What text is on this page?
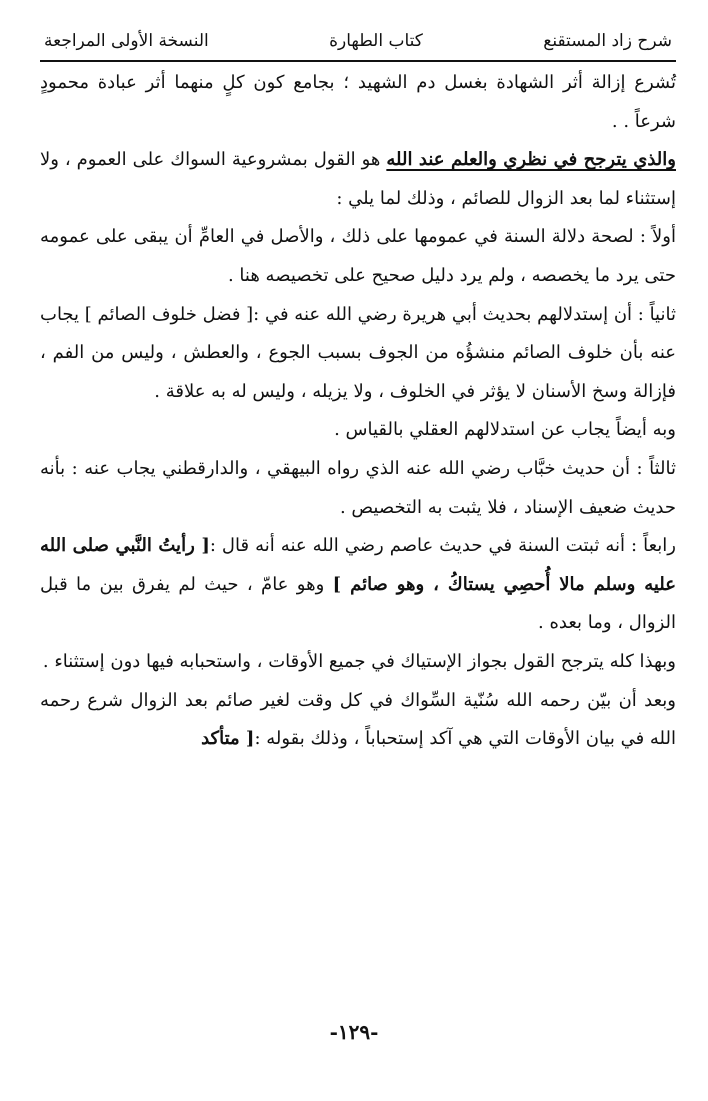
شرح زاد المستقنع
كتاب الطهارة
النسخة الأولى المراجعة

تُشرع إزالة أثر الشهادة بغسل دم الشهيد ؛ بجامع كون كلٍ منهما أثر عبادة محمودٍ شرعاً . .

والذي يترجح في نظري والعلم عند الله هو القول بمشروعية السواك على العموم ، ولا إستثناء لما بعد الزوال للصائم ، وذلك لما يلي :

أولاً : لصحة دلالة السنة في عمومها على ذلك ، والأصل في العامِّ أن يبقى على عمومه حتى يرد ما يخصصه ، ولم يرد دليل صحيح على تخصيصه هنا .

ثانياً : أن إستدلالهم بحديث أبي هريرة رضي الله عنه في :[ فضل خلوف الصائم ] يجاب عنه بأن خلوف الصائم منشؤُه من الجوف بسبب الجوع ، والعطش ، وليس من الفم ، فإزالة وسخ الأسنان لا يؤثر في الخلوف ، ولا يزيله ، وليس له به علاقة .

وبه أيضاً يجاب عن استدلالهم العقلي بالقياس .

ثالثاً : أن حديث خبَّاب رضي الله عنه الذي رواه البيهقي ، والدارقطني يجاب عنه : بأنه حديث ضعيف الإسناد ، فلا يثبت به التخصيص .

رابعاً : أنه ثبتت السنة في حديث عاصم رضي الله عنه أنه قال :[ رأيتُ النَّبي صلى الله عليه وسلم مالا أُحصِي يستاكُ ، وهو صائم ] وهو عامّ ، حيث لم يفرق بين ما قبل الزوال ، وما بعده .

وبهذا كله يترجح القول بجواز الإستياك في جميع الأوقات ، واستحبابه فيها دون إستثناء .

وبعد أن بيّن رحمه الله سُنّية السِّواك في كل وقت لغير صائم بعد الزوال شرع رحمه الله في بيان الأوقات التي هي آكد إستحباباً ، وذلك بقوله :[ متأكد

-١٢٩-
